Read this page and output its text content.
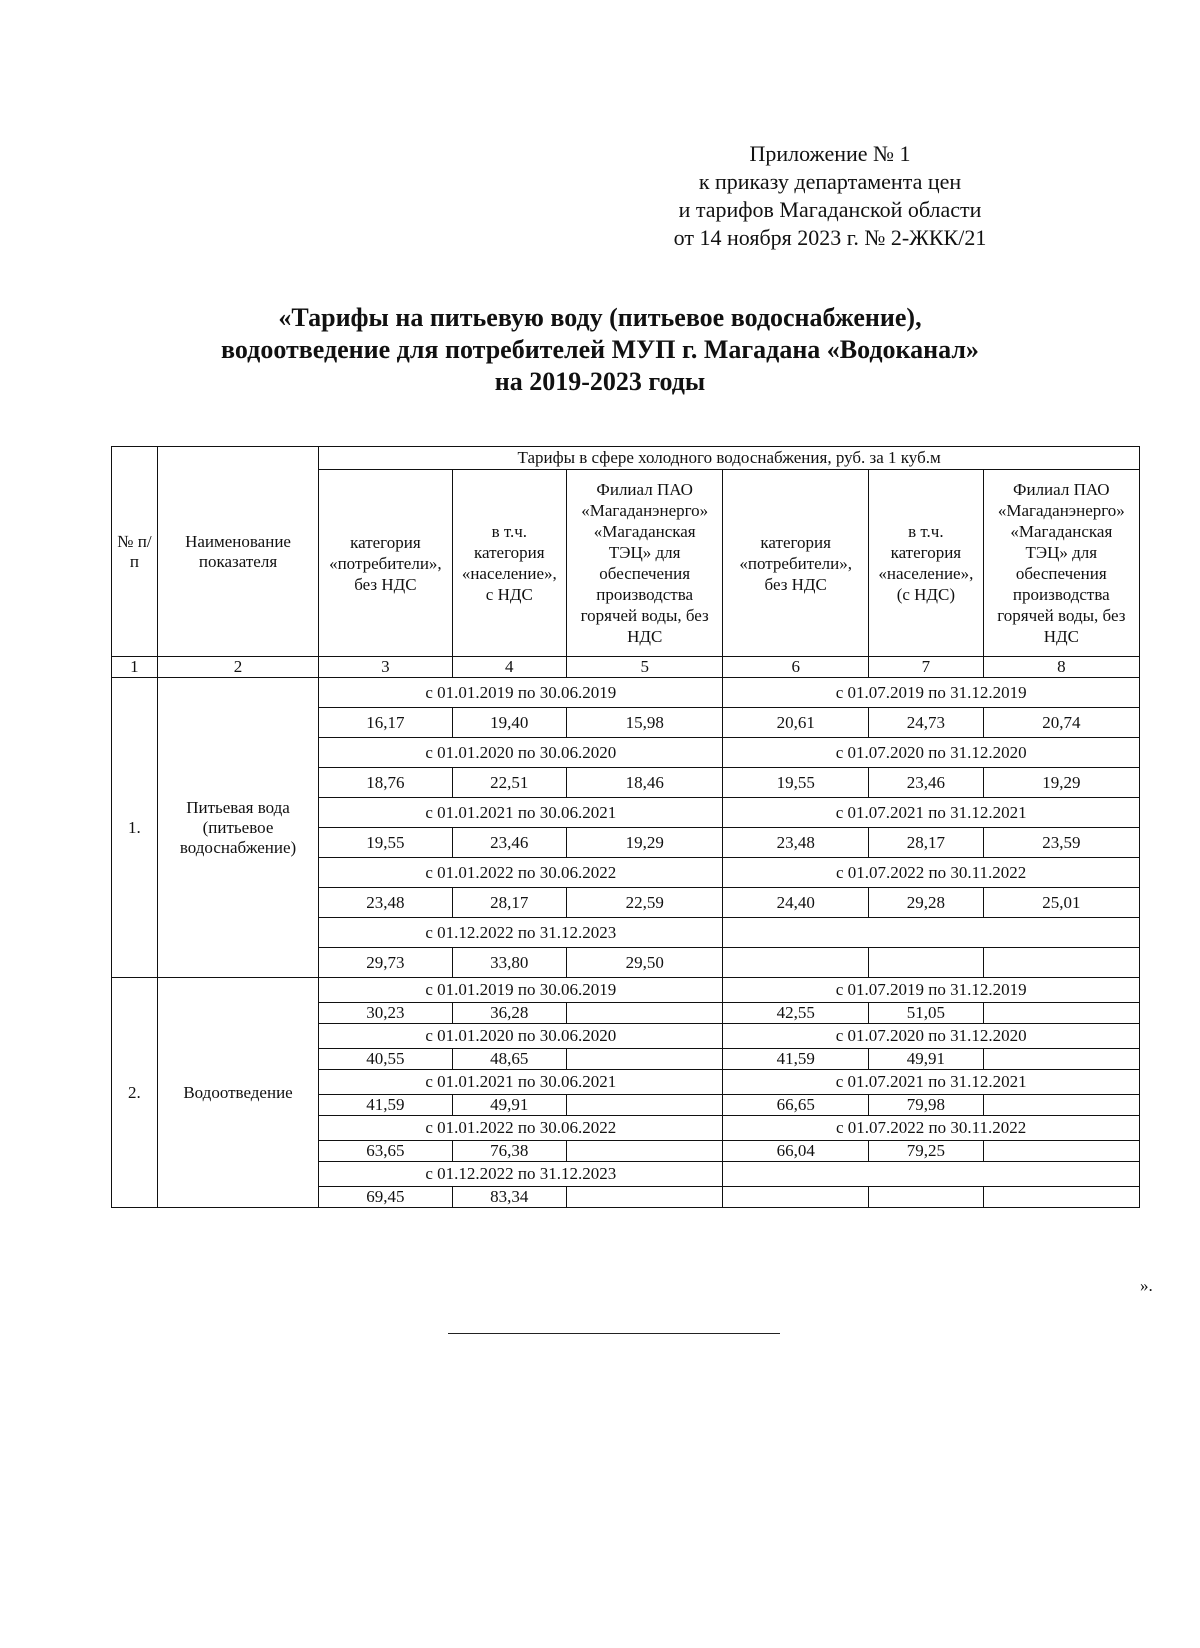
Приложение № 1
к приказу департамента цен
и тарифов Магаданской области
от 14 ноября 2023 г. № 2-ЖКК/21
«Тарифы на питьевую воду (питьевое водоснабжение),
водоотведение для потребителей МУП г. Магадана «Водоканал»
на 2019-2023 годы
№ п/п	Наименование показателя	Тарифы в сфере холодного водоснабжения, руб. за 1 куб.м					
		категория «потребители», без НДС	в т.ч. категория «население», с НДС	Филиал ПАО «Магаданэнерго» «Магаданская ТЭЦ» для обеспечения производства горячей воды, без НДС	категория «потребители», без НДС	в т.ч. категория «население», (с НДС)	Филиал ПАО «Магаданэнерго» «Магаданская ТЭЦ» для обеспечения производства горячей воды, без НДС
1	2	3	4	5	6	7	8
1.	Питьевая вода (питьевое водоснабжение)	с 01.01.2019 по 30.06.2019			с 01.07.2019 по 31.12.2019		
		16,17	19,40	15,98	20,61	24,73	20,74
		с 01.01.2020 по 30.06.2020			с 01.07.2020 по 31.12.2020		
		18,76	22,51	18,46	19,55	23,46	19,29
		с 01.01.2021 по 30.06.2021			с 01.07.2021 по 31.12.2021		
		19,55	23,46	19,29	23,48	28,17	23,59
		с 01.01.2022 по 30.06.2022			с 01.07.2022 по 30.11.2022		
		23,48	28,17	22,59	24,40	29,28	25,01
		с 01.12.2022 по 31.12.2023					
		29,73	33,80	29,50			
2.	Водоотведение	с 01.01.2019 по 30.06.2019			с 01.07.2019 по 31.12.2019		
		30,23	36,28		42,55	51,05	
		с 01.01.2020 по 30.06.2020			с 01.07.2020 по 31.12.2020		
		40,55	48,65		41,59	49,91	
		с 01.01.2021 по 30.06.2021			с 01.07.2021 по 31.12.2021		
		41,59	49,91		66,65	79,98	
		с 01.01.2022 по 30.06.2022			с 01.07.2022 по 30.11.2022		
		63,65	76,38		66,04	79,25	
		с 01.12.2022 по 31.12.2023					
		69,45	83,34				
».
